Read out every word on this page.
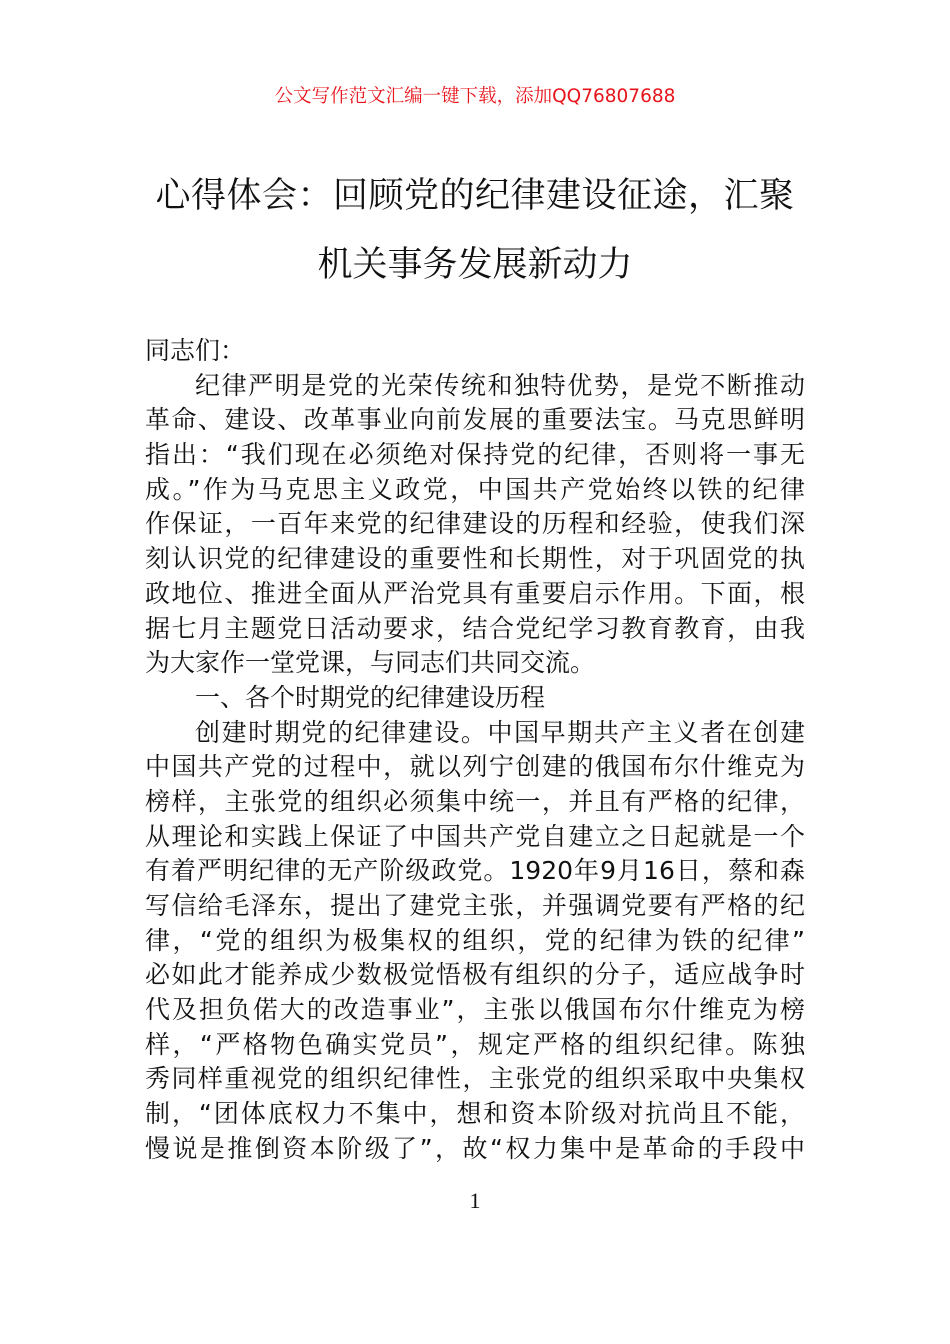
公文写作范文汇编一键下载，添加QQ76807688
心得体会：回顾党的纪律建设征途，汇聚
机关事务发展新动力
同志们：
纪律严明是党的光荣传统和独特优势，是党不断推动
革命、建设、改革事业向前发展的重要法宝。马克思鲜明
指出：“我们现在必须绝对保持党的纪律，否则将一事无
成。”作为马克思主义政党，中国共产党始终以铁的纪律
作保证，一百年来党的纪律建设的历程和经验，使我们深
刻认识党的纪律建设的重要性和长期性，对于巩固党的执
政地位、推进全面从严治党具有重要启示作用。下面，根
据七月主题党日活动要求，结合党纪学习教育教育，由我
为大家作一堂党课，与同志们共同交流。
一、各个时期党的纪律建设历程
创建时期党的纪律建设。中国早期共产主义者在创建
中国共产党的过程中，就以列宁创建的俄国布尔什维克为
榜样，主张党的组织必须集中统一，并且有严格的纪律，
从理论和实践上保证了中国共产党自建立之日起就是一个
有着严明纪律的无产阶级政党。1920年9月16日，蔡和森
写信给毛泽东，提出了建党主张，并强调党要有严格的纪
律，“党的组织为极集权的组织，党的纪律为铁的纪律”
必如此才能养成少数极觉悟极有组织的分子，适应战争时
代及担负偌大的改造事业”，主张以俄国布尔什维克为榜
样，“严格物色确实党员”，规定严格的组织纪律。陈独
秀同样重视党的组织纪律性，主张党的组织采取中央集权
制，“团体底权力不集中，想和资本阶级对抗尚且不能，
慢说是推倒资本阶级了”，故“权力集中是革命的手段中
1
